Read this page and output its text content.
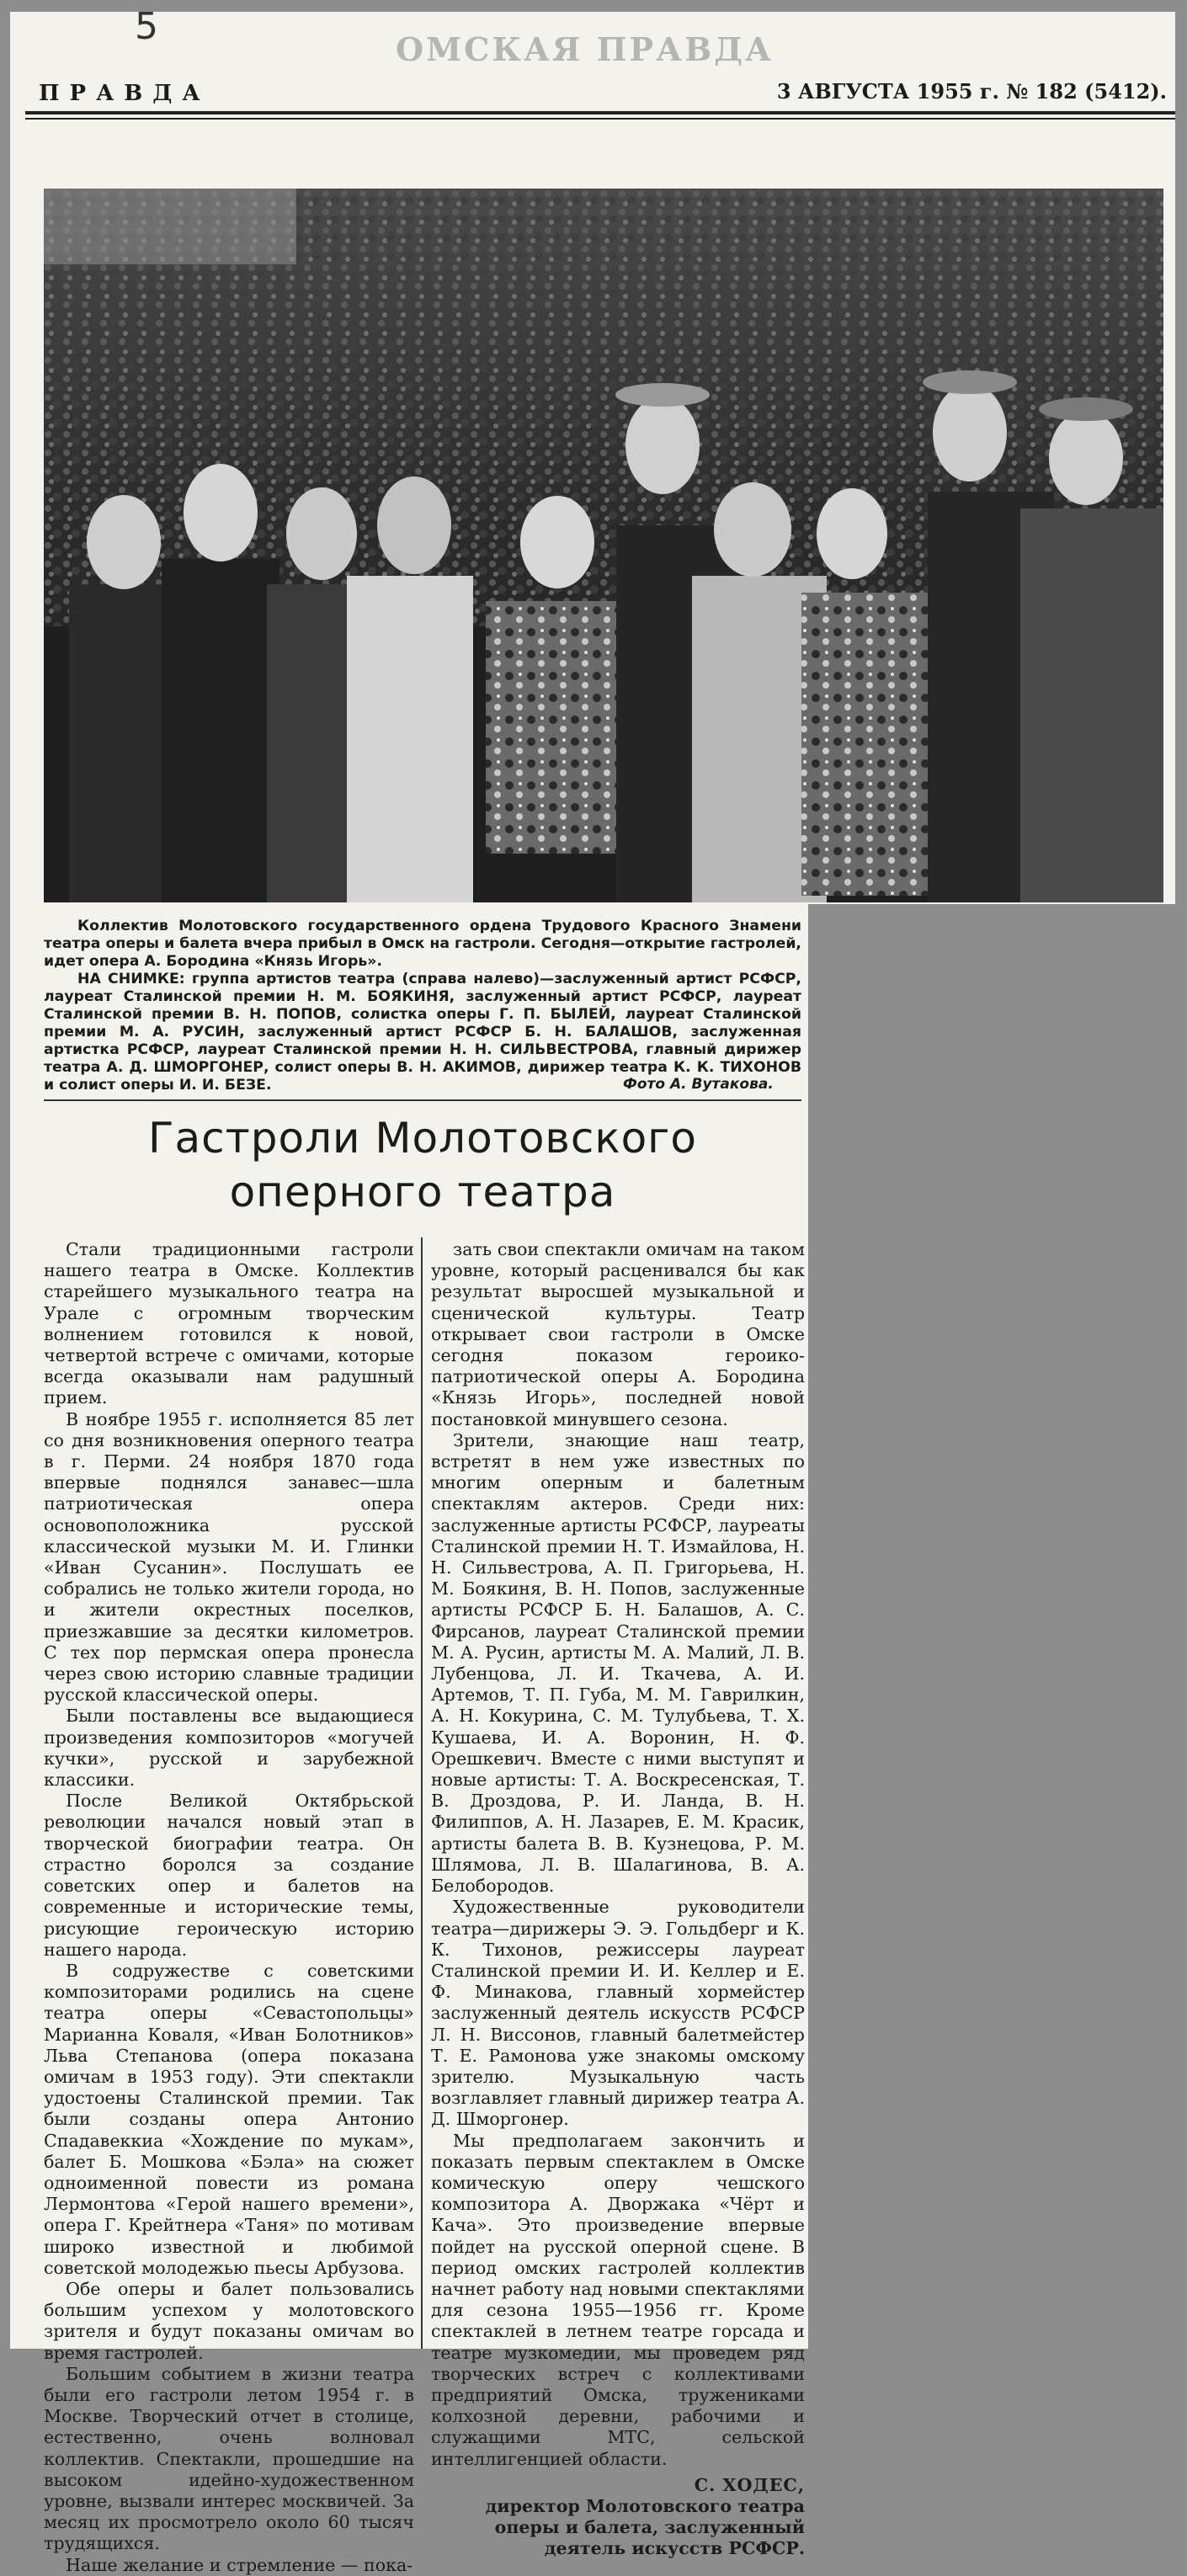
5
ОМСКАЯ ПРАВДА
ПРАВДА	3 АВГУСТА 1955 г. № 182 (5412).

Коллектив Молотовского государственного ордена Трудового Красного Знамени театра оперы и балета вчера прибыл в Омск на гастроли. Сегодня—открытие гастролей, идет опера А. Бородина «Князь Игорь».

НА СНИМКЕ: группа артистов театра (справа налево)—заслуженный артист РСФСР, лауреат Сталинской премии Н. М. БОЯКИНЯ, заслуженный артист РСФСР, лауреат Сталинской премии В. Н. ПОПОВ, солистка оперы Г. П. БЫЛЕЙ, лауреат Сталинской премии М. А. РУСИН, заслуженный артист РСФСР Б. Н. БАЛАШОВ, заслуженная артистка РСФСР, лауреат Сталинской премии Н. Н. СИЛЬВЕСТРОВА, главный дирижер театра А. Д. ШМОРГОНЕР, солист оперы В. Н. АКИМОВ, дирижер театра К. К. ТИХОНОВ и солист оперы И. И. БЕЗЕ.	Фото А. Вутакова.
Гастроли Молотовского
оперного театра

Стали традиционными гастроли нашего театра в Омске. Коллектив старейшего музыкального театра на Урале с огромным творческим волнением готовился к новой, четвертой встрече с омичами, которые всегда оказывали нам радушный прием.

В ноябре 1955 г. исполняется 85 лет со дня возникновения оперного театра в г. Перми. 24 ноября 1870 года впервые поднялся занавес—шла патриотическая опера основоположника русской классической музыки М. И. Глинки «Иван Сусанин». Послушать ее собрались не только жители города, но и жители окрестных поселков, приезжавшие за десятки километров. С тех пор пермская опера пронесла через свою историю славные традиции русской классической оперы.

Были поставлены все выдающиеся произведения композиторов «могучей кучки», русской и зарубежной классики.

После Великой Октябрьской революции начался новый этап в творческой биографии театра. Он страстно боролся за создание советских опер и балетов на современные и исторические темы, рисующие героическую историю нашего народа.

В содружестве с советскими композиторами родились на сцене театра оперы «Севастопольцы» Марианна Коваля, «Иван Болотников» Льва Степанова (опера показана омичам в 1953 году). Эти спектакли удостоены Сталинской премии. Так были созданы опера Антонио Спадавеккиа «Хождение по мукам», балет Б. Мошкова «Бэла» на сюжет одноименной повести из романа Лермонтова «Герой нашего времени», опера Г. Крейтнера «Таня» по мотивам широко известной и любимой советской молодежью пьесы Арбузова.

Обе оперы и балет пользовались большим успехом у молотовского зрителя и будут показаны омичам во время гастролей.

Большим событием в жизни театра были его гастроли летом 1954 г. в Москве. Творческий отчет в столице, естественно, очень волновал коллектив. Спектакли, прошедшие на высоком идейно-художественном уровне, вызвали интерес москвичей. За месяц их просмотрело около 60 тысяч трудящихся.

Наше желание и стремление — пока-

зать свои спектакли омичам на таком уровне, который расценивался бы как результат выросшей музыкальной и сценической культуры. Театр открывает свои гастроли в Омске сегодня показом героико-патриотической оперы А. Бородина «Князь Игорь», последней новой постановкой минувшего сезона.

Зрители, знающие наш театр, встретят в нем уже известных по многим оперным и балетным спектаклям актеров. Среди них: заслуженные артисты РСФСР, лауреаты Сталинской премии Н. Т. Измайлова, Н. Н. Сильвестрова, А. П. Григорьева, Н. М. Боякиня, В. Н. Попов, заслуженные артисты РСФСР Б. Н. Балашов, А. С. Фирсанов, лауреат Сталинской премии М. А. Русин, артисты М. А. Малий, Л. В. Лубенцова, Л. И. Ткачева, А. И. Артемов, Т. П. Губа, М. М. Гаврилкин, А. Н. Кокурина, С. М. Тулубьева, Т. Х. Кушаева, И. А. Воронин, Н. Ф. Орешкевич. Вместе с ними выступят и новые артисты: Т. А. Воскресенская, Т. В. Дроздова, Р. И. Ланда, В. Н. Филиппов, А. Н. Лазарев, Е. М. Красик, артисты балета В. В. Кузнецова, Р. М. Шлямова, Л. В. Шалагинова, В. А. Белобородов.

Художественные руководители театра—дирижеры Э. Э. Гольдберг и К. К. Тихонов, режиссеры лауреат Сталинской премии И. И. Келлер и Е. Ф. Минакова, главный хормейстер заслуженный деятель искусств РСФСР Л. Н. Виссонов, главный балетмейстер Т. Е. Рамонова уже знакомы омскому зрителю. Музыкальную часть возглавляет главный дирижер театра А. Д. Шморгонер.

Мы предполагаем закончить и показать первым спектаклем в Омске комическую оперу чешского композитора А. Дворжака «Чёрт и Кача». Это произведение впервые пойдет на русской оперной сцене. В период омских гастролей коллектив начнет работу над новыми спектаклями для сезона 1955—1956 гг. Кроме спектаклей в летнем театре горсада и театре музкомедии, мы проведем ряд творческих встреч с коллективами предприятий Омска, тружениками колхозной деревни, рабочими и служащими МТС, сельской интеллигенцией области.

С. ХОДЕС,
директор Молотовского театра оперы и балета, заслуженный деятель искусств РСФСР.
